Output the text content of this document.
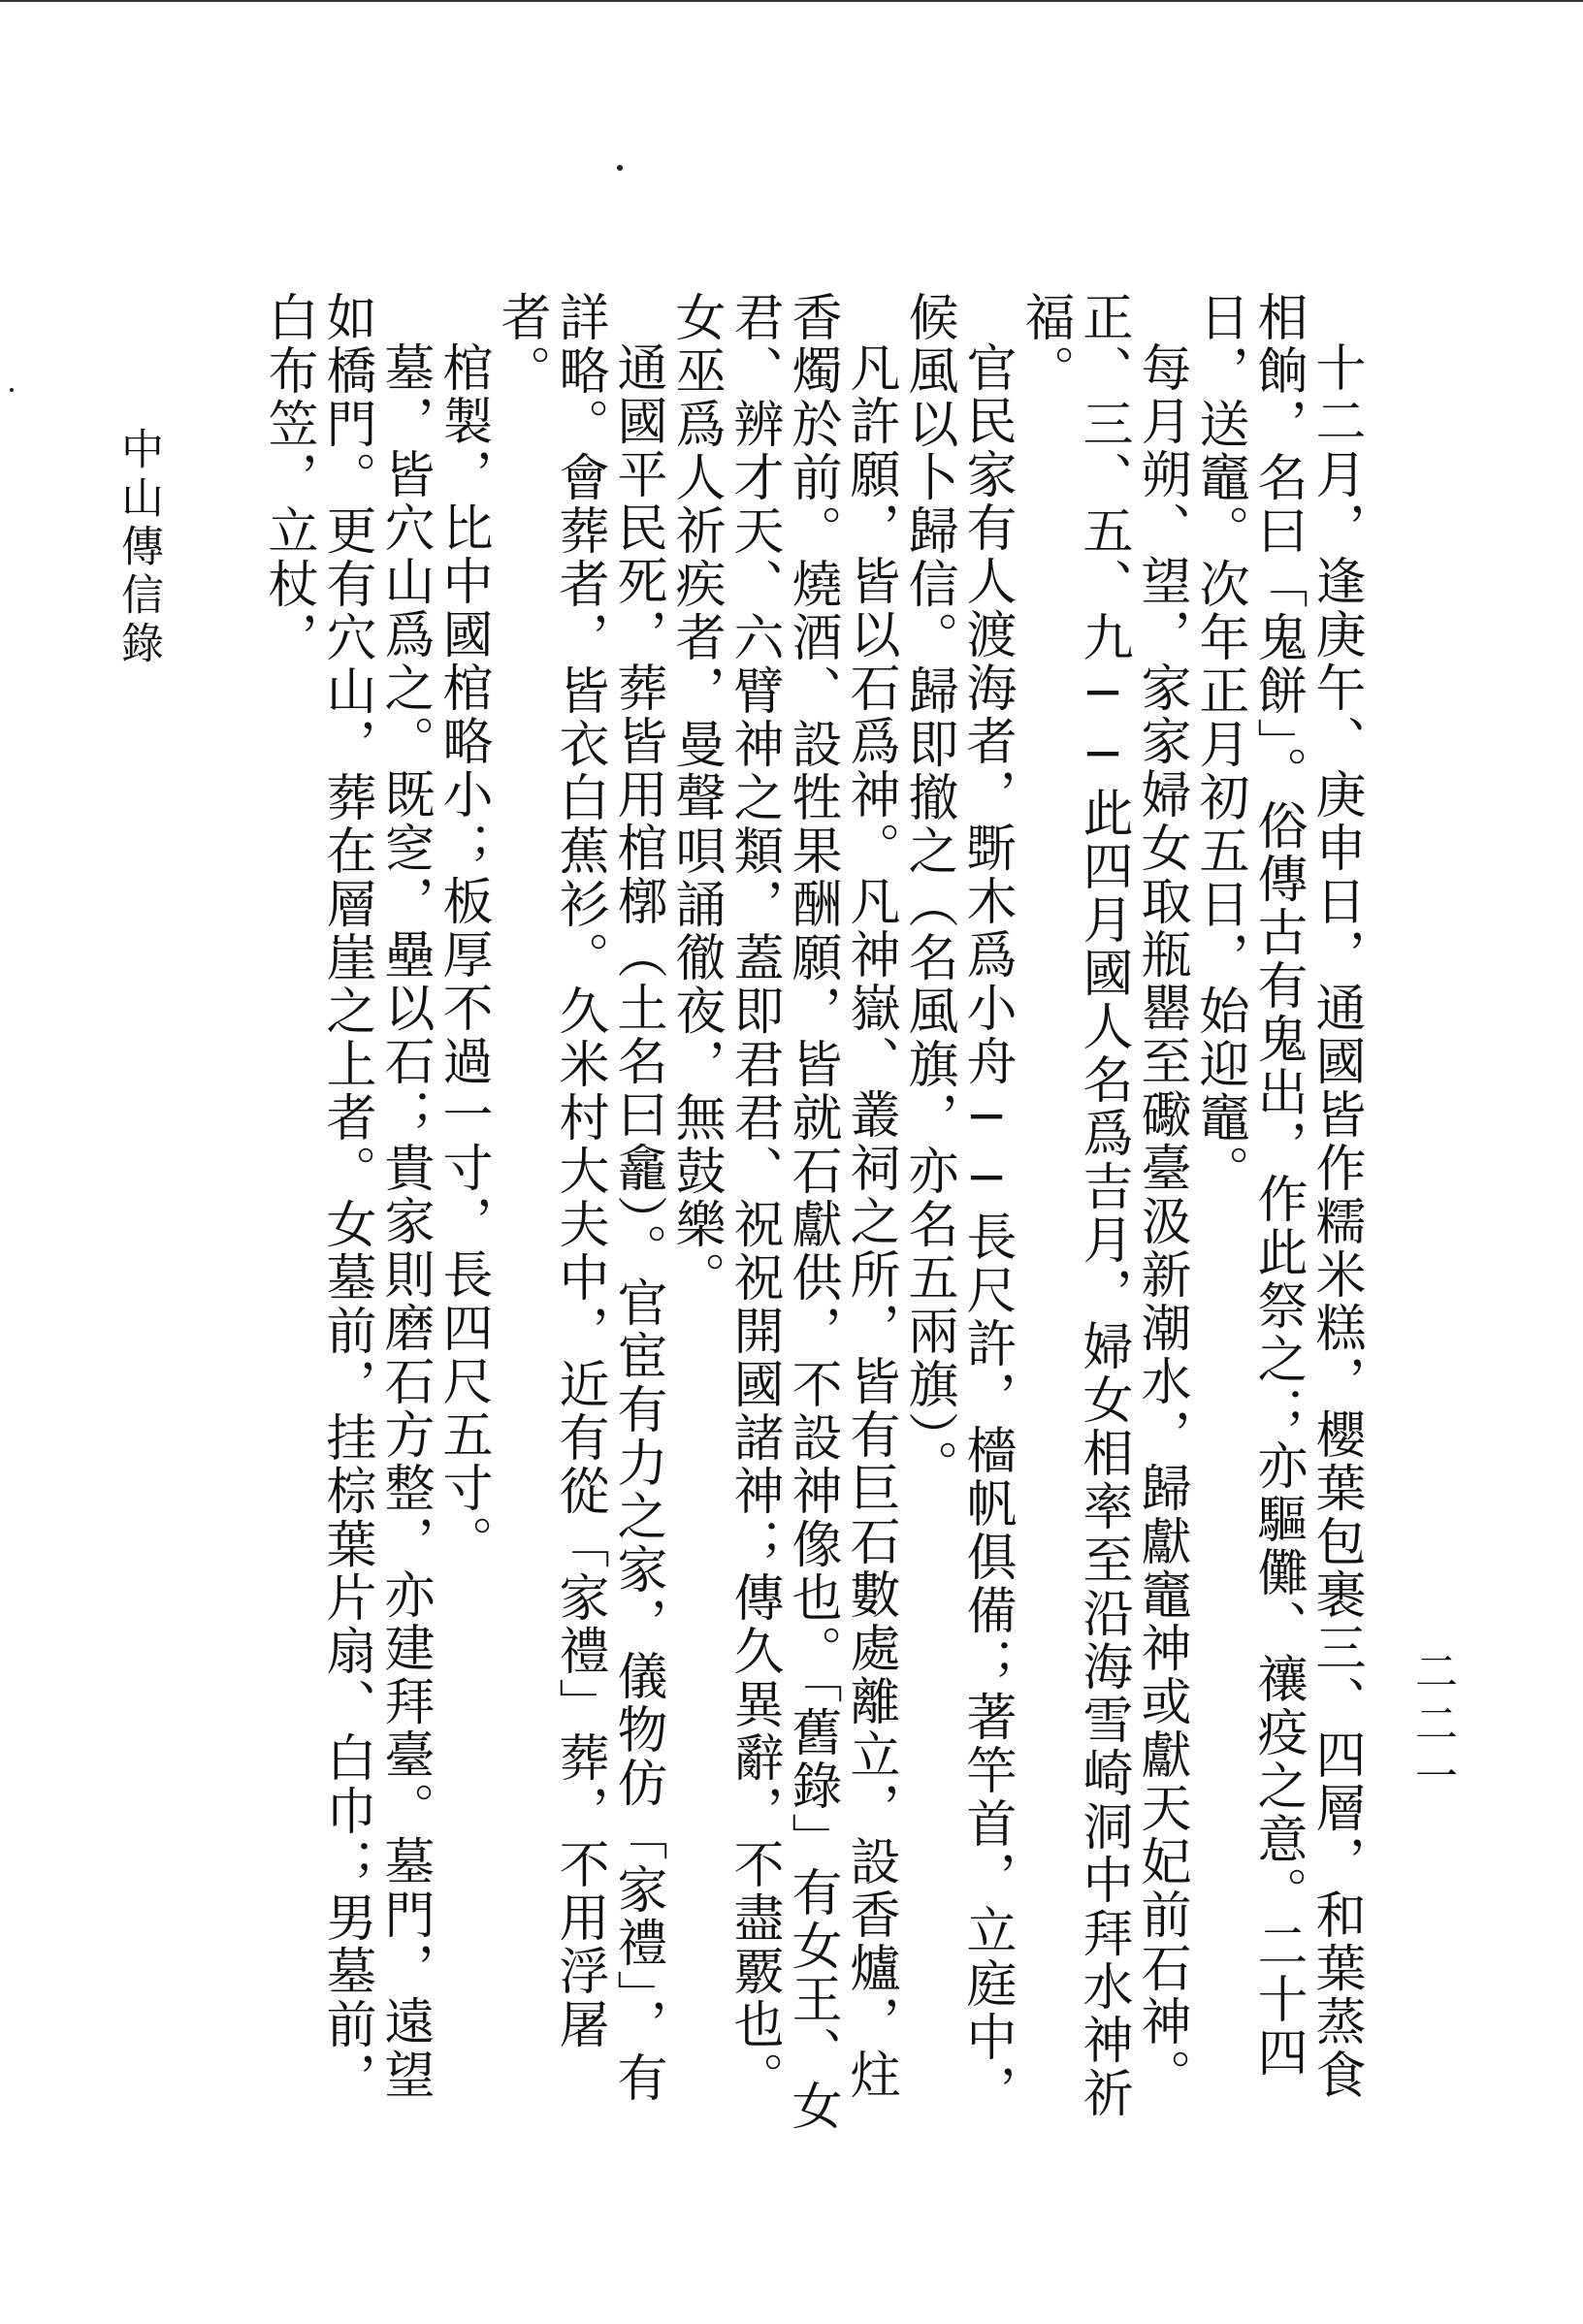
十二月，逢庚午、庚申日，通國皆作糯米糕，櫻葉包裹三、四層，和葉蒸食相餉，名曰「鬼餅」。俗傳古有鬼出，作此祭之；亦驅儺、禳疫之意。二十四日，送竈。次年正月初五日，始迎竈。

每月朔、望，家家婦女取瓶罌至礮臺汲新潮水，歸獻竈神或獻天妃前石神。正、三、五、九──此四月國人名爲吉月，婦女相率至沿海雪崎洞中拜水神祈福。

官民家有人渡海者，斲木爲小舟──長尺許，檣帆俱備；著竿首，立庭中，候風以卜歸信。歸即撤之（名風旗，亦名五兩旗）。

凡許願，皆以石爲神。凡神嶽、叢祠之所，皆有巨石數處離立，設香爐，炷香燭於前。燒酒、設牲果酬願，皆就石獻供，不設神像也。「舊錄」有女王、女君、辨才天、六臂神之類，蓋即君君、祝祝開國諸神；傳久異辭，不盡覈也。女巫爲人祈疾者，曼聲唄誦徹夜，無鼓樂。

通國平民死，葬皆用棺槨（土名曰龕）。官宦有力之家，儀物仿「家禮」，有詳略。會葬者，皆衣白蕉衫。久米村大夫中，近有從「家禮」葬，不用浮屠者。

棺製，比中國棺略小；板厚不過一寸，長四尺五寸。

墓，皆穴山爲之。既窆，壘以石；貴家則磨石方整，亦建拜臺。墓門，遠望如橋門。更有穴山，葬在層崖之上者。女墓前，挂棕葉片扇、白巾；男墓前，白布笠，立杖，

二二一
中山傳信錄
